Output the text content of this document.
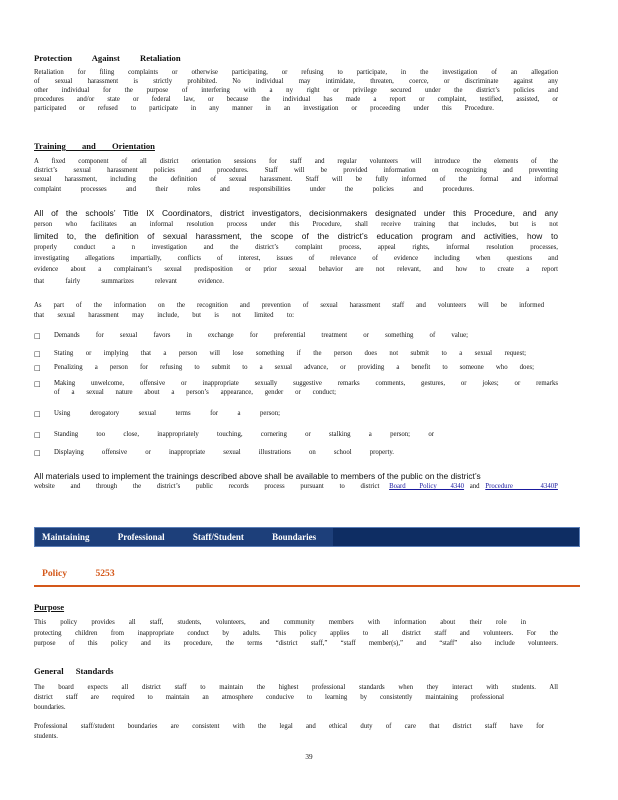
Protection Against Retaliation
Retaliation for filing complaints or otherwise participating, or refusing to participate, in the investigation of an allegation
of sexual harassment is strictly prohibited. No individual may intimidate, threaten, coerce, or discriminate against any
other individual for the purpose of interfering with a ny right or privilege secured under the district’s policies and
procedures and/or state or federal law, or because the individual has made a report or complaint, testified, assisted, or
participated or refused to participate in any manner in an investigation or proceeding under this Procedure.
Training and Orientation
A fixed component of all district orientation sessions for staff and regular volunteers will introduce the elements of the
district’s sexual harassment policies and procedures. Staff will be provided information on recognizing and preventing
sexual harassment, including the definition of sexual harassment. Staff will be fully informed of the formal and informal
complaint processes and their roles and responsibilities under the policies and procedures.
All of the schools’ Title IX Coordinators, district investigators, decisionmakers designated under this Procedure, and any
person who facilitates an informal resolution process under this Procedure, shall receive training that includes, but is not
limited to, the definition of sexual harassment, the scope of the district’s education program and activities, how to
properly conduct a n investigation and the district’s complaint process, appeal rights, informal resolution processes,
investigating allegations impartially, conflicts of interest, issues of relevance of evidence including when questions and
evidence about a complainant’s sexual predisposition or prior sexual behavior are not relevant, and how to create a report
that fairly summarizes relevant evidence.
As part of the information on the recognition and prevention of sexual harassment staff and volunteers will be informed
that sexual harassment may include, but is not limited to:
□ Demands for sexual favors in exchange for preferential treatment or something of value;
□ Stating or implying that a person will lose something if the person does not submit to a sexual request;
□ Penalizing a person for refusing to submit to a sexual advance, or providing a benefit to someone who does;
□ Making unwelcome, offensive or inappropriate sexually suggestive remarks comments, gestures, or jokes; or remarks
of a sexual nature about a person’s appearance, gender or conduct;
□ Using derogatory sexual terms for a person;
□ Standing too close, inappropriately touching, cornering or stalking a person; or
□ Displaying offensive or inappropriate sexual illustrations on school property.
All materials used to implement the trainings described above shall be available to members of the public on the district’s
website and through the district’s public records process pursuant to district Board Policy 4340 and Procedure 4340P
Maintaining Professional Staff/Student Boundaries
Policy 5253
Purpose
This policy provides all staff, students, volunteers, and community members with information about their role in
protecting children from inappropriate conduct by adults. This policy applies to all district staff and volunteers. For the
purpose of this policy and its procedure, the terms “district staff,” “staff member(s),” and “staff” also include volunteers.
General Standards
The board expects all district staff to maintain the highest professional standards when they interact with students. All
district staff are required to maintain an atmosphere conducive to learning by consistently maintaining professional
boundaries.
Professional staff/student boundaries are consistent with the legal and ethical duty of care that district staff have for
students.
39
